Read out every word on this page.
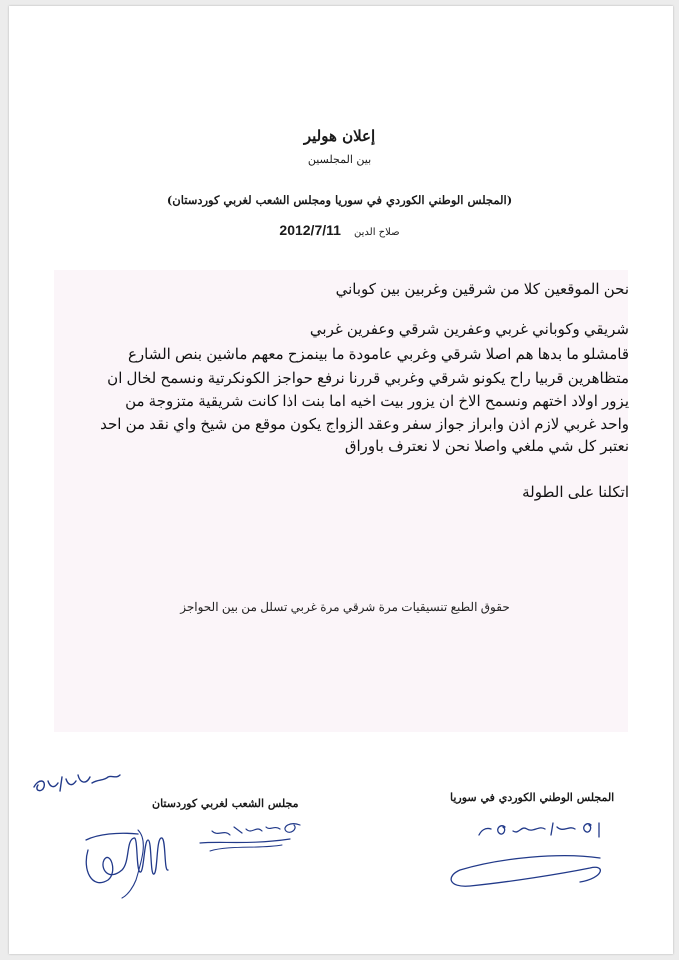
إعلان هولير
بين المجلسين
(المجلس الوطني الكوردي في سوريا ومجلس الشعب لغربي كوردستان)
صلاح الدين 2012/7/11
نحن الموقعين كلا من شرقين وغربين بين كوباني
شريقي وكوباني غربي وعفرين شرقي وعفرين غربي
قامشلو ما بدها هم اصلا شرقي وغربي عامودة ما بينمزح معهم ماشين بنص الشارع
متظاهرين قربيا راح يكونو شرقي وغربي قررنا نرفع حواجز الكونكرتية ونسمح لخال ان
يزور اولاد اختهم ونسمح الاخ ان يزور بيت اخيه اما بنت اذا كانت شريقية متزوجة من
واحد غربي لازم اذن وابراز جواز سفر وعقد الزواج يكون موقع من شيخ واي نقد من احد
نعتبر كل شي ملغي واصلا نحن لا نعترف باوراق
اتكلنا على الطولة
حقوق الطبع تنسيقيات مرة شرقي مرة غربي تسلل من بين الحواجز
مجلس الشعب لغربي كوردستان	المجلس الوطني الكوردي في سوريا
